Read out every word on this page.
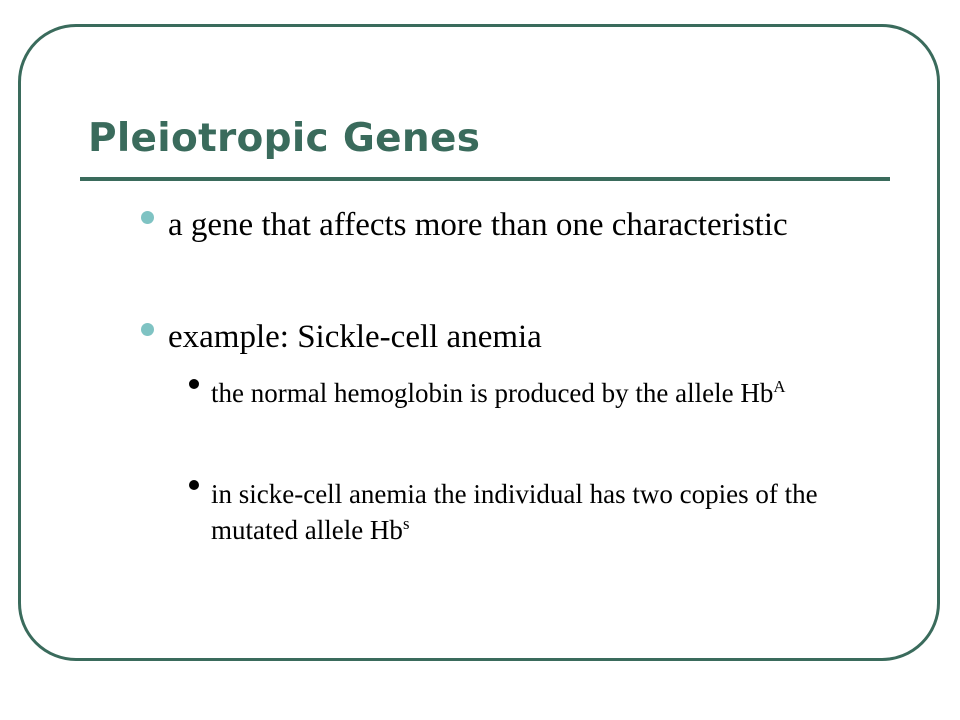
Pleiotropic Genes
a gene that affects more than one characteristic
example: Sickle-cell anemia
the normal hemoglobin is produced by the allele $Hb^A$
in sicke-cell anemia the individual has two copies of the mutated allele Hb$^s$
